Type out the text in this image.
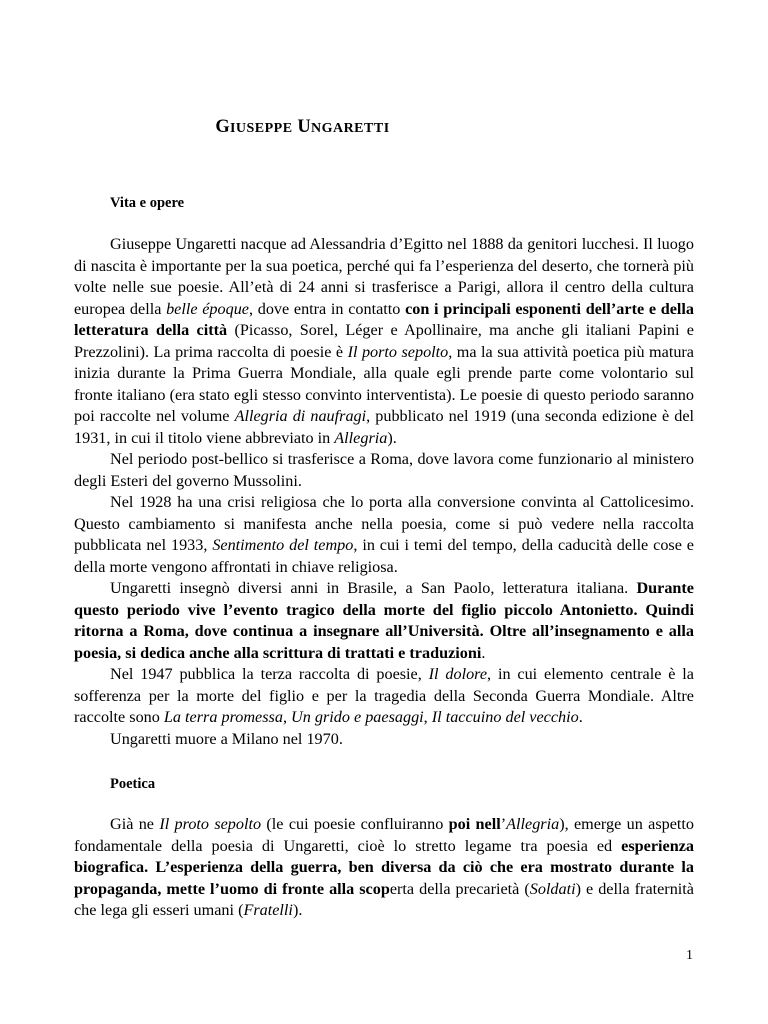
GIUSEPPE UNGARETTI
Vita e opere

Giuseppe Ungaretti nacque ad Alessandria d’Egitto nel 1888 da genitori lucchesi. Il luogo di nascita è importante per la sua poetica, perché qui fa l’esperienza del deserto, che tornerà più volte nelle sue poesie. All’età di 24 anni si trasferisce a Parigi, allora il centro della cultura europea della belle époque, dove entra in contatto con i principali esponenti dell’arte e della letteratura della città (Picasso, Sorel, Léger e Apollinaire, ma anche gli italiani Papini e Prezzolini). La prima raccolta di poesie è Il porto sepolto, ma la sua attività poetica più matura inizia durante la Prima Guerra Mondiale, alla quale egli prende parte come volontario sul fronte italiano (era stato egli stesso convinto interventista). Le poesie di questo periodo saranno poi raccolte nel volume Allegria di naufragi, pubblicato nel 1919 (una seconda edizione è del 1931, in cui il titolo viene abbreviato in Allegria).

Nel periodo post-bellico si trasferisce a Roma, dove lavora come funzionario al ministero degli Esteri del governo Mussolini.

Nel 1928 ha una crisi religiosa che lo porta alla conversione convinta al Cattolicesimo. Questo cambiamento si manifesta anche nella poesia, come si può vedere nella raccolta pubblicata nel 1933, Sentimento del tempo, in cui i temi del tempo, della caducità delle cose e della morte vengono affrontati in chiave religiosa.

Ungaretti insegnò diversi anni in Brasile, a San Paolo, letteratura italiana. Durante questo periodo vive l’evento tragico della morte del figlio piccolo Antonietto. Quindi ritorna a Roma, dove continua a insegnare all’Università. Oltre all’insegnamento e alla poesia, si dedica anche alla scrittura di trattati e traduzioni.

Nel 1947 pubblica la terza raccolta di poesie, Il dolore, in cui elemento centrale è la sofferenza per la morte del figlio e per la tragedia della Seconda Guerra Mondiale. Altre raccolte sono La terra promessa, Un grido e paesaggi, Il taccuino del vecchio.

Ungaretti muore a Milano nel 1970.

Poetica

Già ne Il proto sepolto (le cui poesie confluiranno poi nell’Allegria), emerge un aspetto fondamentale della poesia di Ungaretti, cioè lo stretto legame tra poesia ed esperienza biografica. L’esperienza della guerra, ben diversa da ciò che era mostrato durante la propaganda, mette l’uomo di fronte alla scoperta della precarietà (Soldati) e della fraternità che lega gli esseri umani (Fratelli).

1
